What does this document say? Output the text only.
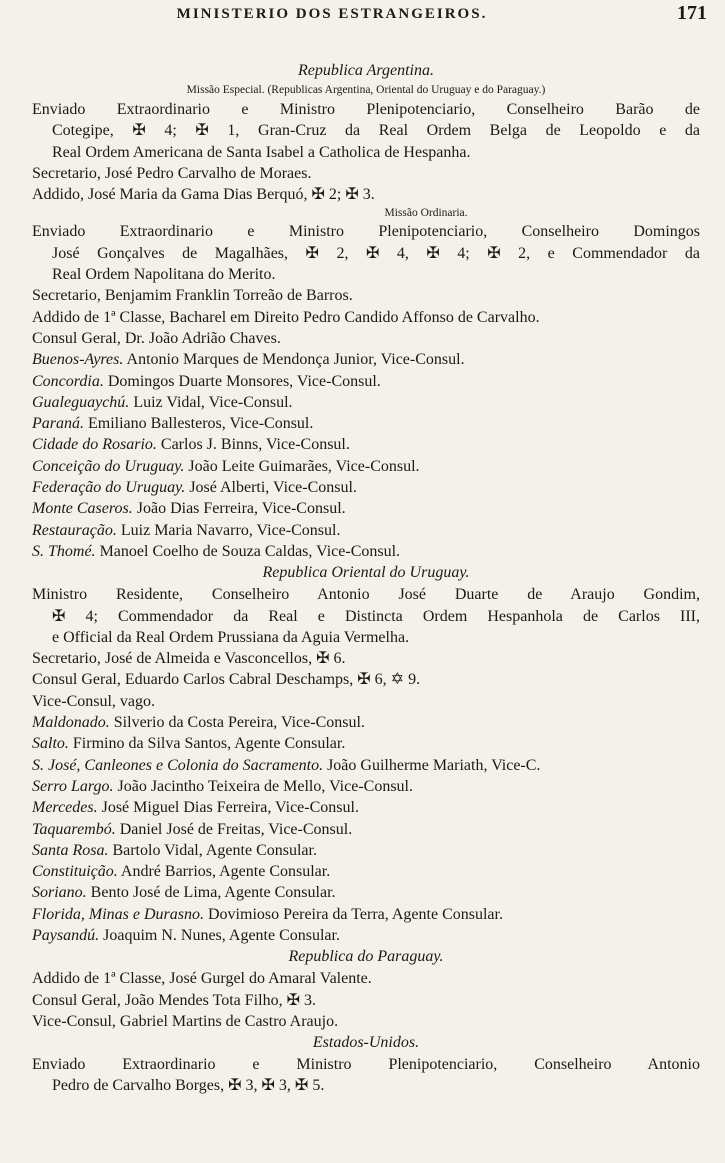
MINISTERIO DOS ESTRANGEIROS.	171
Republica Argentina.
Missão Especial. (Republicas Argentina, Oriental do Uruguay e do Paraguay.)
Enviado Extraordinario e Ministro Plenipotenciario, Conselheiro Barão de
Cotegipe, ✠ 4; ✠ 1, Gran-Cruz da Real Ordem Belga de Leopoldo e da
Real Ordem Americana de Santa Isabel a Catholica de Hespanha.
Secretario, José Pedro Carvalho de Moraes.
Addido, José Maria da Gama Dias Berquó, ✠ 2; ✠ 3.
Missão Ordinaria.
Enviado Extraordinario e Ministro Plenipotenciario, Conselheiro Domingos
José Gonçalves de Magalhães, ✠ 2, ✠ 4, ✠ 4; ✠ 2, e Commendador da
Real Ordem Napolitana do Merito.
Secretario, Benjamim Franklin Torreão de Barros.
Addido de 1ª Classe, Bacharel em Direito Pedro Candido Affonso de Carvalho.
Consul Geral, Dr. João Adrião Chaves.
Buenos-Ayres. Antonio Marques de Mendonça Junior, Vice-Consul.
Concordia. Domingos Duarte Monsores, Vice-Consul.
Gualeguaychú. Luiz Vidal, Vice-Consul.
Paraná. Emiliano Ballesteros, Vice-Consul.
Cidade do Rosario. Carlos J. Binns, Vice-Consul.
Conceição do Uruguay. João Leite Guimarães, Vice-Consul.
Federação do Uruguay. José Alberti, Vice-Consul.
Monte Caseros. João Dias Ferreira, Vice-Consul.
Restauração. Luiz Maria Navarro, Vice-Consul.
S. Thomé. Manoel Coelho de Souza Caldas, Vice-Consul.
Republica Oriental do Uruguay.
Ministro Residente, Conselheiro Antonio José Duarte de Araujo Gondim,
✠ 4; Commendador da Real e Distincta Ordem Hespanhola de Carlos III,
e Official da Real Ordem Prussiana da Aguia Vermelha.
Secretario, José de Almeida e Vasconcellos, ✠ 6.
Consul Geral, Eduardo Carlos Cabral Deschamps, ✠ 6, ✡ 9.
Vice-Consul, vago.
Maldonado. Silverio da Costa Pereira, Vice-Consul.
Salto. Firmino da Silva Santos, Agente Consular.
S. José, Canleones e Colonia do Sacramento. João Guilherme Mariath, Vice-C.
Serro Largo. João Jacintho Teixeira de Mello, Vice-Consul.
Mercedes. José Miguel Dias Ferreira, Vice-Consul.
Taquarembó. Daniel José de Freitas, Vice-Consul.
Santa Rosa. Bartolo Vidal, Agente Consular.
Constituição. André Barrios, Agente Consular.
Soriano. Bento José de Lima, Agente Consular.
Florida, Minas e Durasno. Dovimioso Pereira da Terra, Agente Consular.
Paysandú. Joaquim N. Nunes, Agente Consular.
Republica do Paraguay.
Addido de 1ª Classe, José Gurgel do Amaral Valente.
Consul Geral, João Mendes Tota Filho, ✠ 3.
Vice-Consul, Gabriel Martins de Castro Araujo.
Estados-Unidos.
Enviado Extraordinario e Ministro Plenipotenciario, Conselheiro Antonio
Pedro de Carvalho Borges, ✠ 3, ✠ 3, ✠ 5.
